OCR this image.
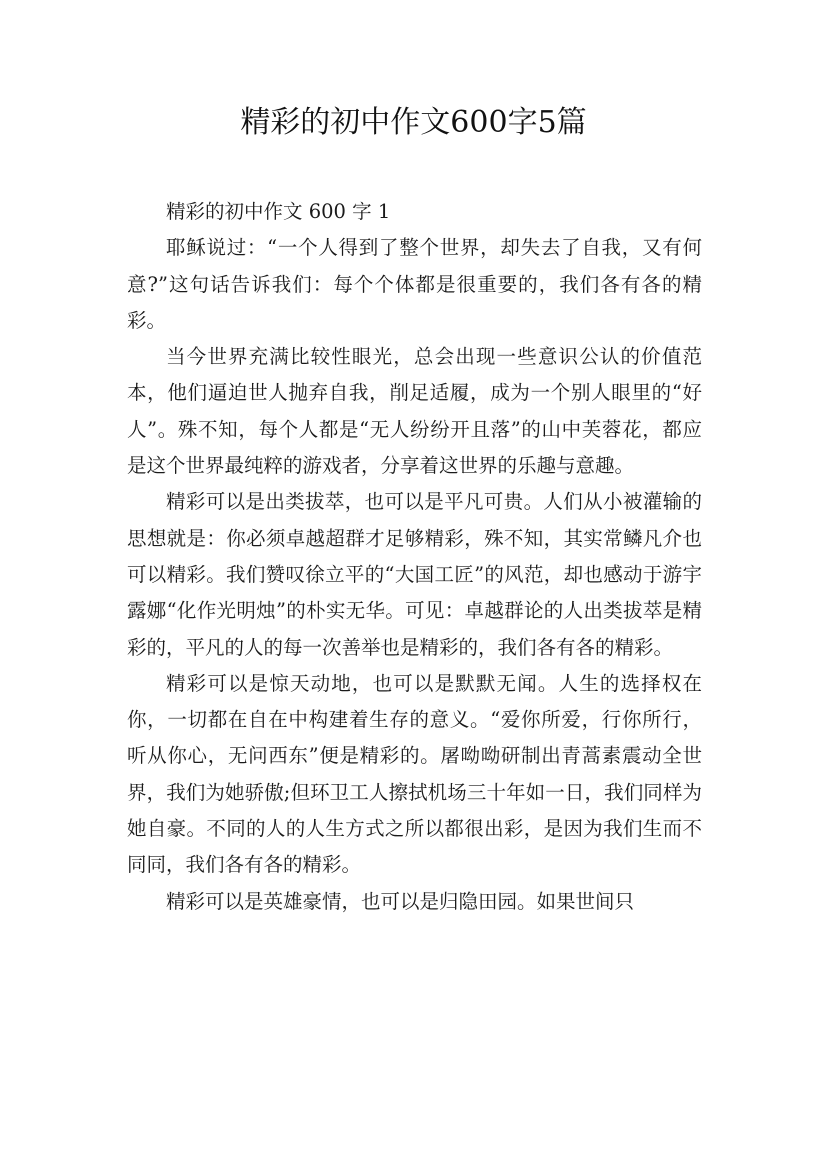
精彩的初中作文600字5篇

精彩的初中作文 600 字 1

耶稣说过：“一个人得到了整个世界，却失去了自我，又有何意?”这句话告诉我们：每个个体都是很重要的，我们各有各的精彩。

当今世界充满比较性眼光，总会出现一些意识公认的价值范本，他们逼迫世人抛弃自我，削足适履，成为一个别人眼里的“好人”。殊不知，每个人都是“无人纷纷开且落”的山中芙蓉花，都应是这个世界最纯粹的游戏者，分享着这世界的乐趣与意趣。

精彩可以是出类拔萃，也可以是平凡可贵。人们从小被灌输的思想就是：你必须卓越超群才足够精彩，殊不知，其实常鳞凡介也可以精彩。我们赞叹徐立平的“大国工匠”的风范，却也感动于游宇露娜“化作光明烛”的朴实无华。可见：卓越群论的人出类拔萃是精彩的，平凡的人的每一次善举也是精彩的，我们各有各的精彩。

精彩可以是惊天动地，也可以是默默无闻。人生的选择权在你，一切都在自在中构建着生存的意义。“爱你所爱，行你所行，听从你心，无问西东”便是精彩的。屠呦呦研制出青蒿素震动全世界，我们为她骄傲;但环卫工人擦拭机场三十年如一日，我们同样为她自豪。不同的人的人生方式之所以都很出彩，是因为我们生而不同同，我们各有各的精彩。

精彩可以是英雄豪情，也可以是归隐田园。如果世间只
